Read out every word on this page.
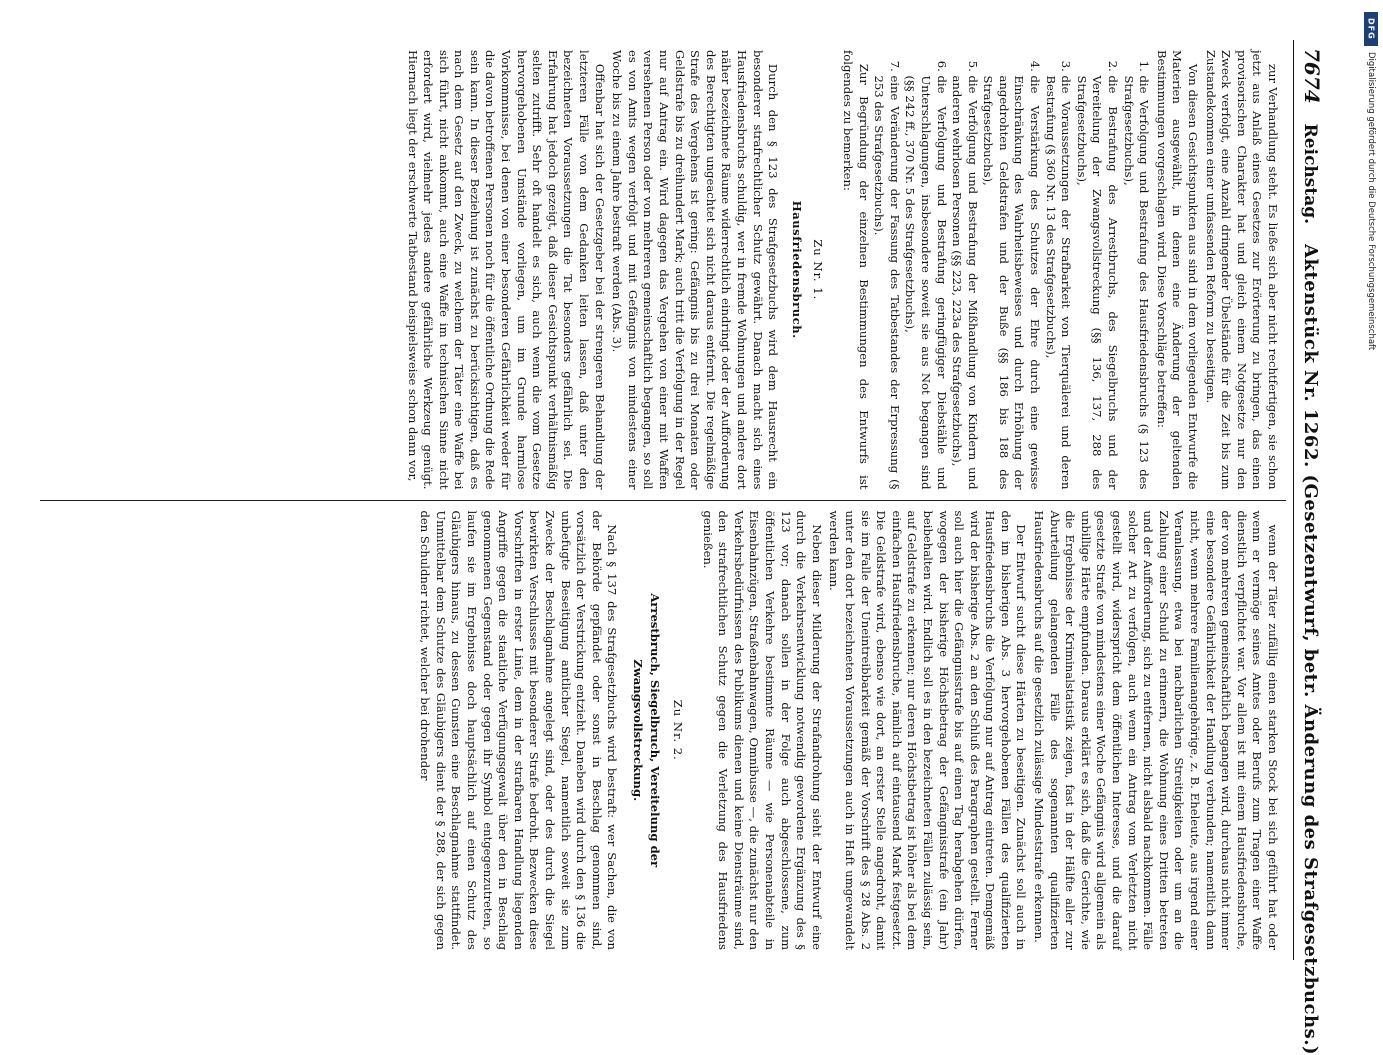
7674
Reichstag.
Aktenstück Nr. 1262. (Gesetzentwurf, betr. Änderung des Strafgesetzbuchs.)

zur Verhandlung steht. Es ließe sich aber nicht rechtfertigen, sie schon jetzt aus Anlaß eines Gesetzes zur Erörterung zu bringen, das einen provisorischen Charakter hat und gleich einem Notgesetze nur den Zweck verfolgt, eine Anzahl dringender Übelstände für die Zeit bis zum Zustandekommen einer umfassenden Reform zu beseitigen.

Von diesen Gesichtspunkten aus sind in dem vorliegenden Entwurfe die Materien ausgewählt, in denen eine Änderung der geltenden Bestimmungen vorgeschlagen wird. Diese Vorschläge betreffen:

1. die Verfolgung und Bestrafung des Hausfriedensbruchs (§ 123 des Strafgesetzbuchs),
2. die Bestrafung des Arrestbruchs, des Siegelbruchs und der Vereitelung der Zwangsvollstreckung (§§ 136, 137, 288 des Strafgesetzbuchs),
3. die Voraussetzungen der Strafbarkeit von Tierquälerei und deren Bestrafung (§ 360 Nr. 13 des Strafgesetzbuchs),
4. die Verstärkung des Schutzes der Ehre durch eine gewisse Einschränkung des Wahrheitsbeweises und durch Erhöhung der angedrohten Geldstrafen und der Buße (§§ 186 bis 188 des Strafgesetzbuchs),
5. die Verfolgung und Bestrafung der Mißhandlung von Kindern und anderen wehrlosen Personen (§§ 223, 223a des Strafgesetzbuchs),
6. die Verfolgung und Bestrafung geringfügiger Diebstähle und Unterschlagungen, insbesondere soweit sie aus Not begangen sind (§§ 242 ff., 370 Nr. 5 des Strafgesetzbuchs),
7. eine Veränderung der Fassung des Tatbestandes der Erpressung (§ 253 des Strafgesetzbuchs).

Zur Begründung der einzelnen Bestimmungen des Entwurfs ist folgendes zu bemerken:

Zu Nr. 1.
Hausfriedensbruch.

Durch den § 123 des Strafgesetzbuchs wird dem Hausrecht ein besonderer strafrechtlicher Schutz gewährt. Danach macht sich eines Hausfriedensbruchs schuldig, wer in fremde Wohnungen und andere dort näher bezeichnete Räume widerrechtlich eindringt oder der Aufforderung des Berechtigten ungeachtet sich nicht daraus entfernt. Die regelmäßige Strafe des Vergehens ist gering: Gefängnis bis zu drei Monaten oder Geldstrafe bis zu dreihundert Mark; auch tritt die Verfolgung in der Regel nur auf Antrag ein. Wird dagegen das Vergehen von einer mit Waffen versehenen Person oder von mehreren gemeinschaftlich begangen, so soll es von Amts wegen verfolgt und mit Gefängnis von mindestens einer Woche bis zu einem Jahre bestraft werden (Abs. 3).

Offenbar hat sich der Gesetzgeber bei der strengeren Behandlung der letzteren Fälle von dem Gedanken leiten lassen, daß unter den bezeichneten Voraussetzungen die Tat besonders gefährlich sei. Die Erfahrung hat jedoch gezeigt, daß dieser Gesichtspunkt verhältnismäßig selten zutrifft. Sehr oft handelt es sich, auch wenn die vom Gesetze hervorgehobenen Umstände vorliegen, um im Grunde harmlose Vorkommnisse, bei denen von einer besonderen Gefährlichkeit weder für die davon betroffenen Personen noch für die öffentliche Ordnung die Rede sein kann. In dieser Beziehung ist zunächst zu berücksichtigen, daß es nach dem Gesetz auf den Zweck, zu welchem der Täter eine Waffe bei sich führt, nicht ankommt, auch eine Waffe im technischen Sinne nicht erfordert wird, vielmehr jedes andere gefährliche Werkzeug genügt. Hiernach liegt der erschwerte Tatbestand beispielsweise schon dann vor,

wenn der Täter zufällig einen starken Stock bei sich geführt hat oder wenn er vermöge seines Amtes oder Berufs zum Tragen einer Waffe dienstlich verpflichtet war. Vor allem ist mit einem Hausfriedensbruche, der von mehreren gemeinschaftlich begangen wird, durchaus nicht immer eine besondere Gefährlichkeit der Handlung verbunden; namentlich dann nicht, wenn mehrere Familienangehörige, z. B. Eheleute, aus irgend einer Veranlassung, etwa bei nachbarlichen Streitigkeiten oder um an die Zahlung einer Schuld zu erinnern, die Wohnung eines Dritten betreten und der Aufforderung, sich zu entfernen, nicht alsbald nachkommen. Fälle solcher Art zu verfolgen, auch wenn ein Antrag vom Verletzten nicht gestellt wird, widerspricht dem öffentlichen Interesse, und die darauf gesetzte Strafe von mindestens einer Woche Gefängnis wird allgemein als unbillige Härte empfunden. Daraus erklärt es sich, daß die Gerichte, wie die Ergebnisse der Kriminalstatistik zeigen, fast in der Hälfte aller zur Aburteilung gelangenden Fälle des sogenannten qualifizierten Hausfriedensbruchs auf die gesetzlich zulässige Mindeststrafe erkennen.

Der Entwurf sucht diese Härten zu beseitigen. Zunächst soll auch in den im bisherigen Abs. 3 hervorgehobenen Fällen des qualifizierten Hausfriedensbruchs die Verfolgung nur auf Antrag eintreten. Demgemäß wird der bisherige Abs. 2 an den Schluß des Paragraphen gestellt. Ferner soll auch hier die Gefängnisstrafe bis auf einen Tag herabgehen dürfen, wogegen der bisherige Höchstbetrag der Gefängnisstrafe (ein Jahr) beibehalten wird. Endlich soll es in den bezeichneten Fällen zulässig sein, auf Geldstrafe zu erkennen; nur deren Höchstbetrag ist höher als bei dem einfachen Hausfriedensbruche, nämlich auf eintausend Mark festgesetzt. Die Geldstrafe wird, ebenso wie dort, an erster Stelle angedroht, damit sie im Falle der Uneintreibbarkeit gemäß der Vorschrift des § 28 Abs. 2 unter den dort bezeichneten Voraussetzungen auch in Haft umgewandelt werden kann.

Neben dieser Milderung der Strafandrohung sieht der Entwurf eine durch die Verkehrsentwicklung notwendig gewordene Ergänzung des § 123 vor; danach sollen in der Folge auch abgeschlossene, zum öffentlichen Verkehre bestimmte Räume — wie Personenabteile in Eisenbahnzügen, Straßenbahnwagen, Omnibusse —, die zunächst nur den Verkehrsbedürfnissen des Publikums dienen und keine Diensträume sind, den strafrechtlichen Schutz gegen die Verletzung des Hausfriedens genießen.

Zu Nr. 2.
Arrestbruch, Siegelbruch, Vereitelung der Zwangsvollstreckung.

Nach § 137 des Strafgesetzbuchs wird bestraft: wer Sachen, die von der Behörde gepfändet oder sonst in Beschlag genommen sind, vorsätzlich der Verstrickung entzieht. Daneben wird durch den § 136 die unbefugte Beseitigung amtlicher Siegel, namentlich soweit sie zum Zwecke der Beschlagnahme angelegt sind, oder des durch die Siegel bewirkten Verschlusses mit besonderer Strafe bedroht. Bezwecken diese Vorschriften in erster Linie, dem in der strafbaren Handlung liegenden Angriffe gegen die staatliche Verfügungsgewalt über den in Beschlag genommenen Gegenstand oder gegen ihr Symbol entgegenzutreten, so laufen sie im Ergebnisse doch hauptsächlich auf einen Schutz des Gläubigers hinaus, zu dessen Gunsten eine Beschlagnahme stattfindet. Unmittelbar dem Schutze des Gläubigers dient der § 288, der sich gegen den Schuldner richtet, welcher bei drohender

DFG
Digitalisierung gefördert durch die Deutsche Forschungsgemeinschaft
